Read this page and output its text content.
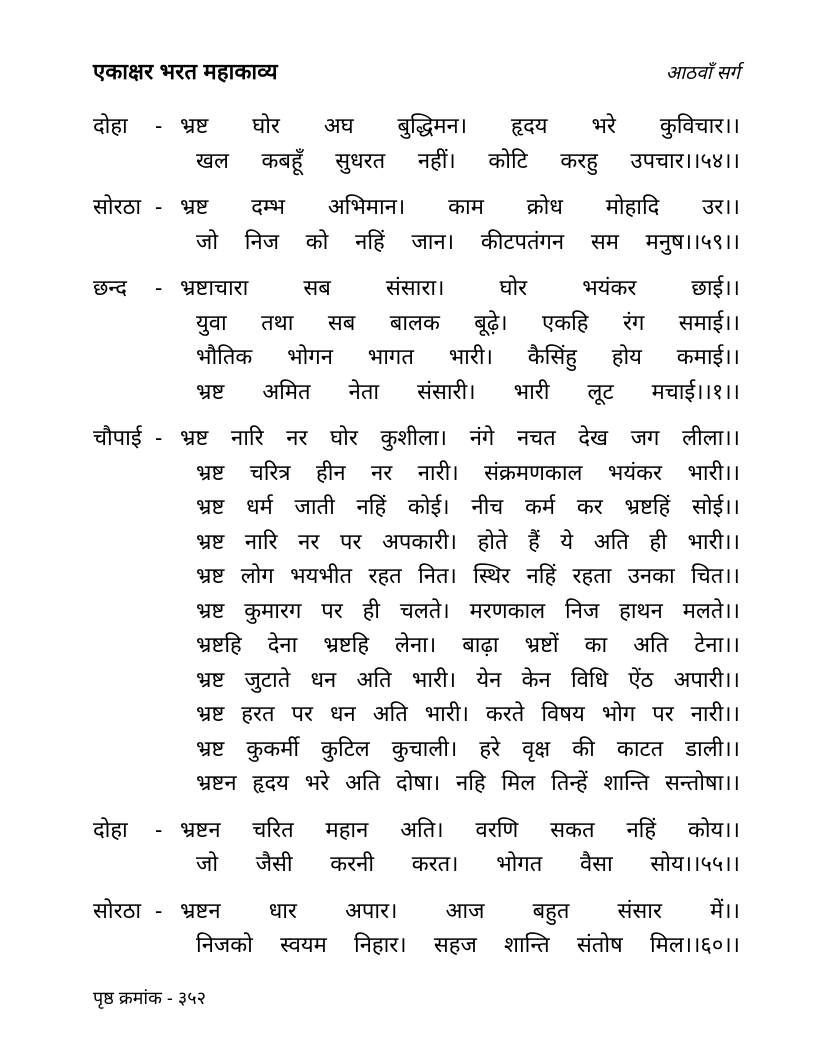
एकाक्षर भरत महाकाव्य	आठवाँ सर्ग
दोहा	- भ्रष्ट घोर अघ बुद्धिमन। हृदय भरे कुविचार।।
खल कबहूँ सुधरत नहीं। कोटि करहु उपचार।।५४।।
सोरठा - भ्रष्ट दम्भ अभिमान। काम क्रोध मोहादि उर।।
जो निज को नहिं जान। कीटपतंगन सम मनुष।।५९।।
छन्द	- भ्रष्टाचारा सब संसारा। घोर भयंकर छाई।।
युवा तथा सब बालक बूढ़े। एकहि रंग समाई।।
भौतिक भोगन भागत भारी। कैसिंहु होय कमाई।।
भ्रष्ट अमित नेता संसारी। भारी लूट मचाई।।१।।
चौपाई - भ्रष्ट नारि नर घोर कुशीला। नंगे नचत देख जग लीला।।
भ्रष्ट चरित्र हीन नर नारी। संक्रमणकाल भयंकर भारी।।
भ्रष्ट धर्म जाती नहिं कोई। नीच कर्म कर भ्रष्टहिं सोई।।
भ्रष्ट नारि नर पर अपकारी। होते हैं ये अति ही भारी।।
भ्रष्ट लोग भयभीत रहत नित। स्थिर नहिं रहता उनका चित।।
भ्रष्ट कुमारग पर ही चलते। मरणकाल निज हाथन मलते।।
भ्रष्टहि देना भ्रष्टहि लेना। बाढ़ा भ्रष्टों का अति टेना।।
भ्रष्ट जुटाते धन अति भारी। येन केन विधि ऐंठ अपारी।।
भ्रष्ट हरत पर धन अति भारी। करते विषय भोग पर नारी।।
भ्रष्ट कुकर्मी कुटिल कुचाली। हरे वृक्ष की काटत डाली।।
भ्रष्टन हृदय भरे अति दोषा। नहि मिल तिन्हें शान्ति सन्तोषा।।
दोहा	- भ्रष्टन चरित महान अति। वरणि सकत नहिं कोय।।
जो जैसी करनी करत। भोगत वैसा सोय।।५५।।
सोरठा - भ्रष्टन धार अपार। आज बहुत संसार में।।
निजको स्वयम निहार। सहज शान्ति संतोष मिल।।६०।।
पृष्ठ क्रमांक - ३५२
